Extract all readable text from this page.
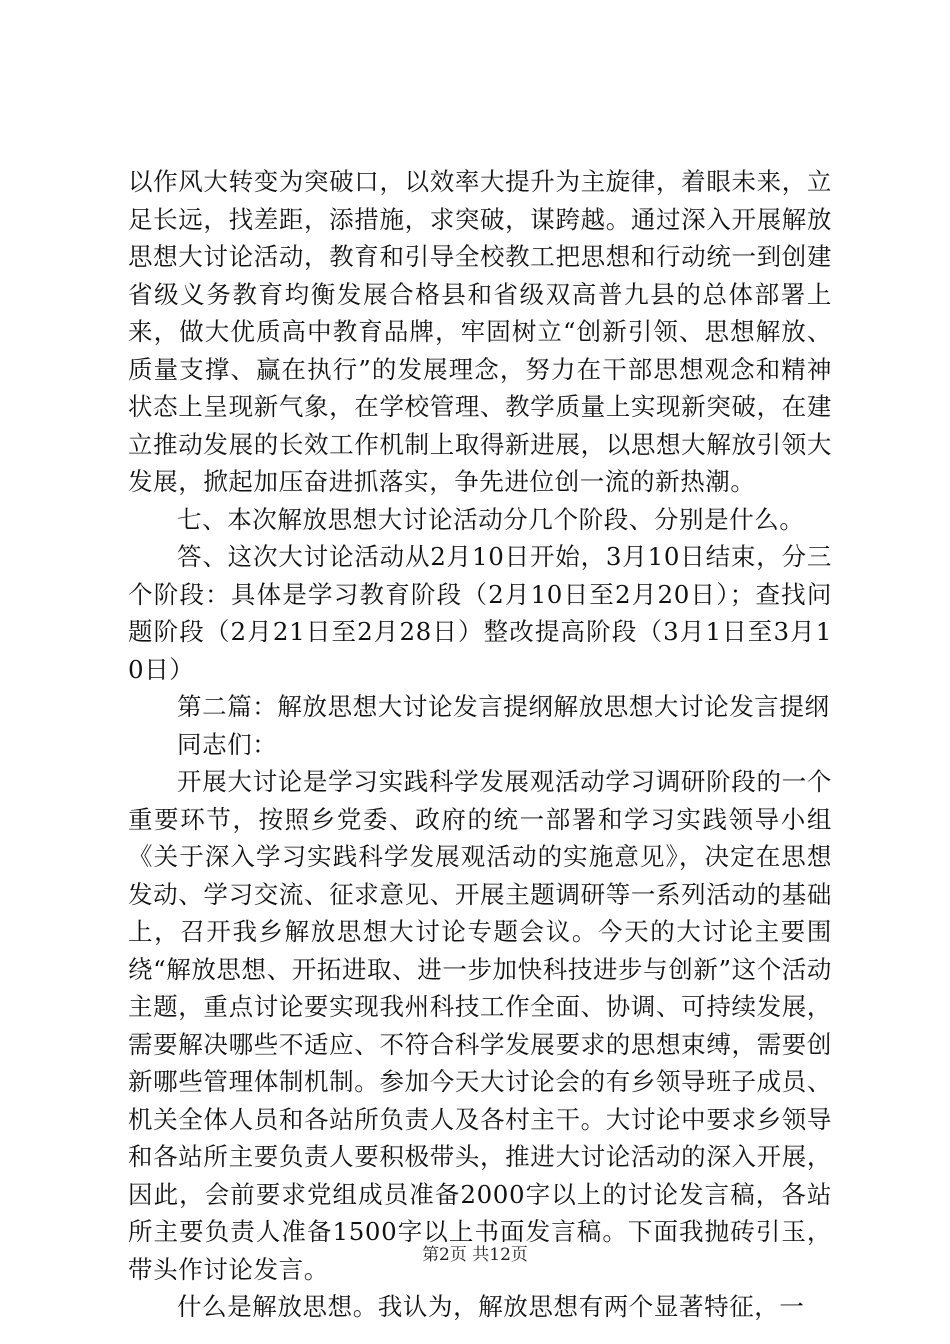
以作风大转变为突破口，以效率大提升为主旋律，着眼未来，立足长远，找差距，添措施，求突破，谋跨越。通过深入开展解放思想大讨论活动，教育和引导全校教工把思想和行动统一到创建省级义务教育均衡发展合格县和省级双高普九县的总体部署上来，做大优质高中教育品牌，牢固树立“创新引领、思想解放、质量支撑、赢在执行”的发展理念，努力在干部思想观念和精神状态上呈现新气象，在学校管理、教学质量上实现新突破，在建立推动发展的长效工作机制上取得新进展，以思想大解放引领大发展，掀起加压奋进抓落实，争先进位创一流的新热潮。

七、本次解放思想大讨论活动分几个阶段、分别是什么。

答、这次大讨论活动从2月10日开始，3月10日结束，分三个阶段：具体是学习教育阶段（2月10日至2月20日）；查找问题阶段（2月21日至2月28日）整改提高阶段（3月1日至3月10日）

第二篇：解放思想大讨论发言提纲解放思想大讨论发言提纲

同志们：

开展大讨论是学习实践科学发展观活动学习调研阶段的一个重要环节，按照乡党委、政府的统一部署和学习实践领导小组《关于深入学习实践科学发展观活动的实施意见》，决定在思想发动、学习交流、征求意见、开展主题调研等一系列活动的基础上，召开我乡解放思想大讨论专题会议。今天的大讨论主要围绕“解放思想、开拓进取、进一步加快科技进步与创新”这个活动主题，重点讨论要实现我州科技工作全面、协调、可持续发展，需要解决哪些不适应、不符合科学发展要求的思想束缚，需要创新哪些管理体制机制。参加今天大讨论会的有乡领导班子成员、机关全体人员和各站所负责人及各村主干。大讨论中要求乡领导和各站所主要负责人要积极带头，推进大讨论活动的深入开展，因此，会前要求党组成员准备2000字以上的讨论发言稿，各站所主要负责人准备1500字以上书面发言稿。下面我抛砖引玉，带头作讨论发言。

什么是解放思想。我认为，解放思想有两个显著特征，一

第2页 共12页
